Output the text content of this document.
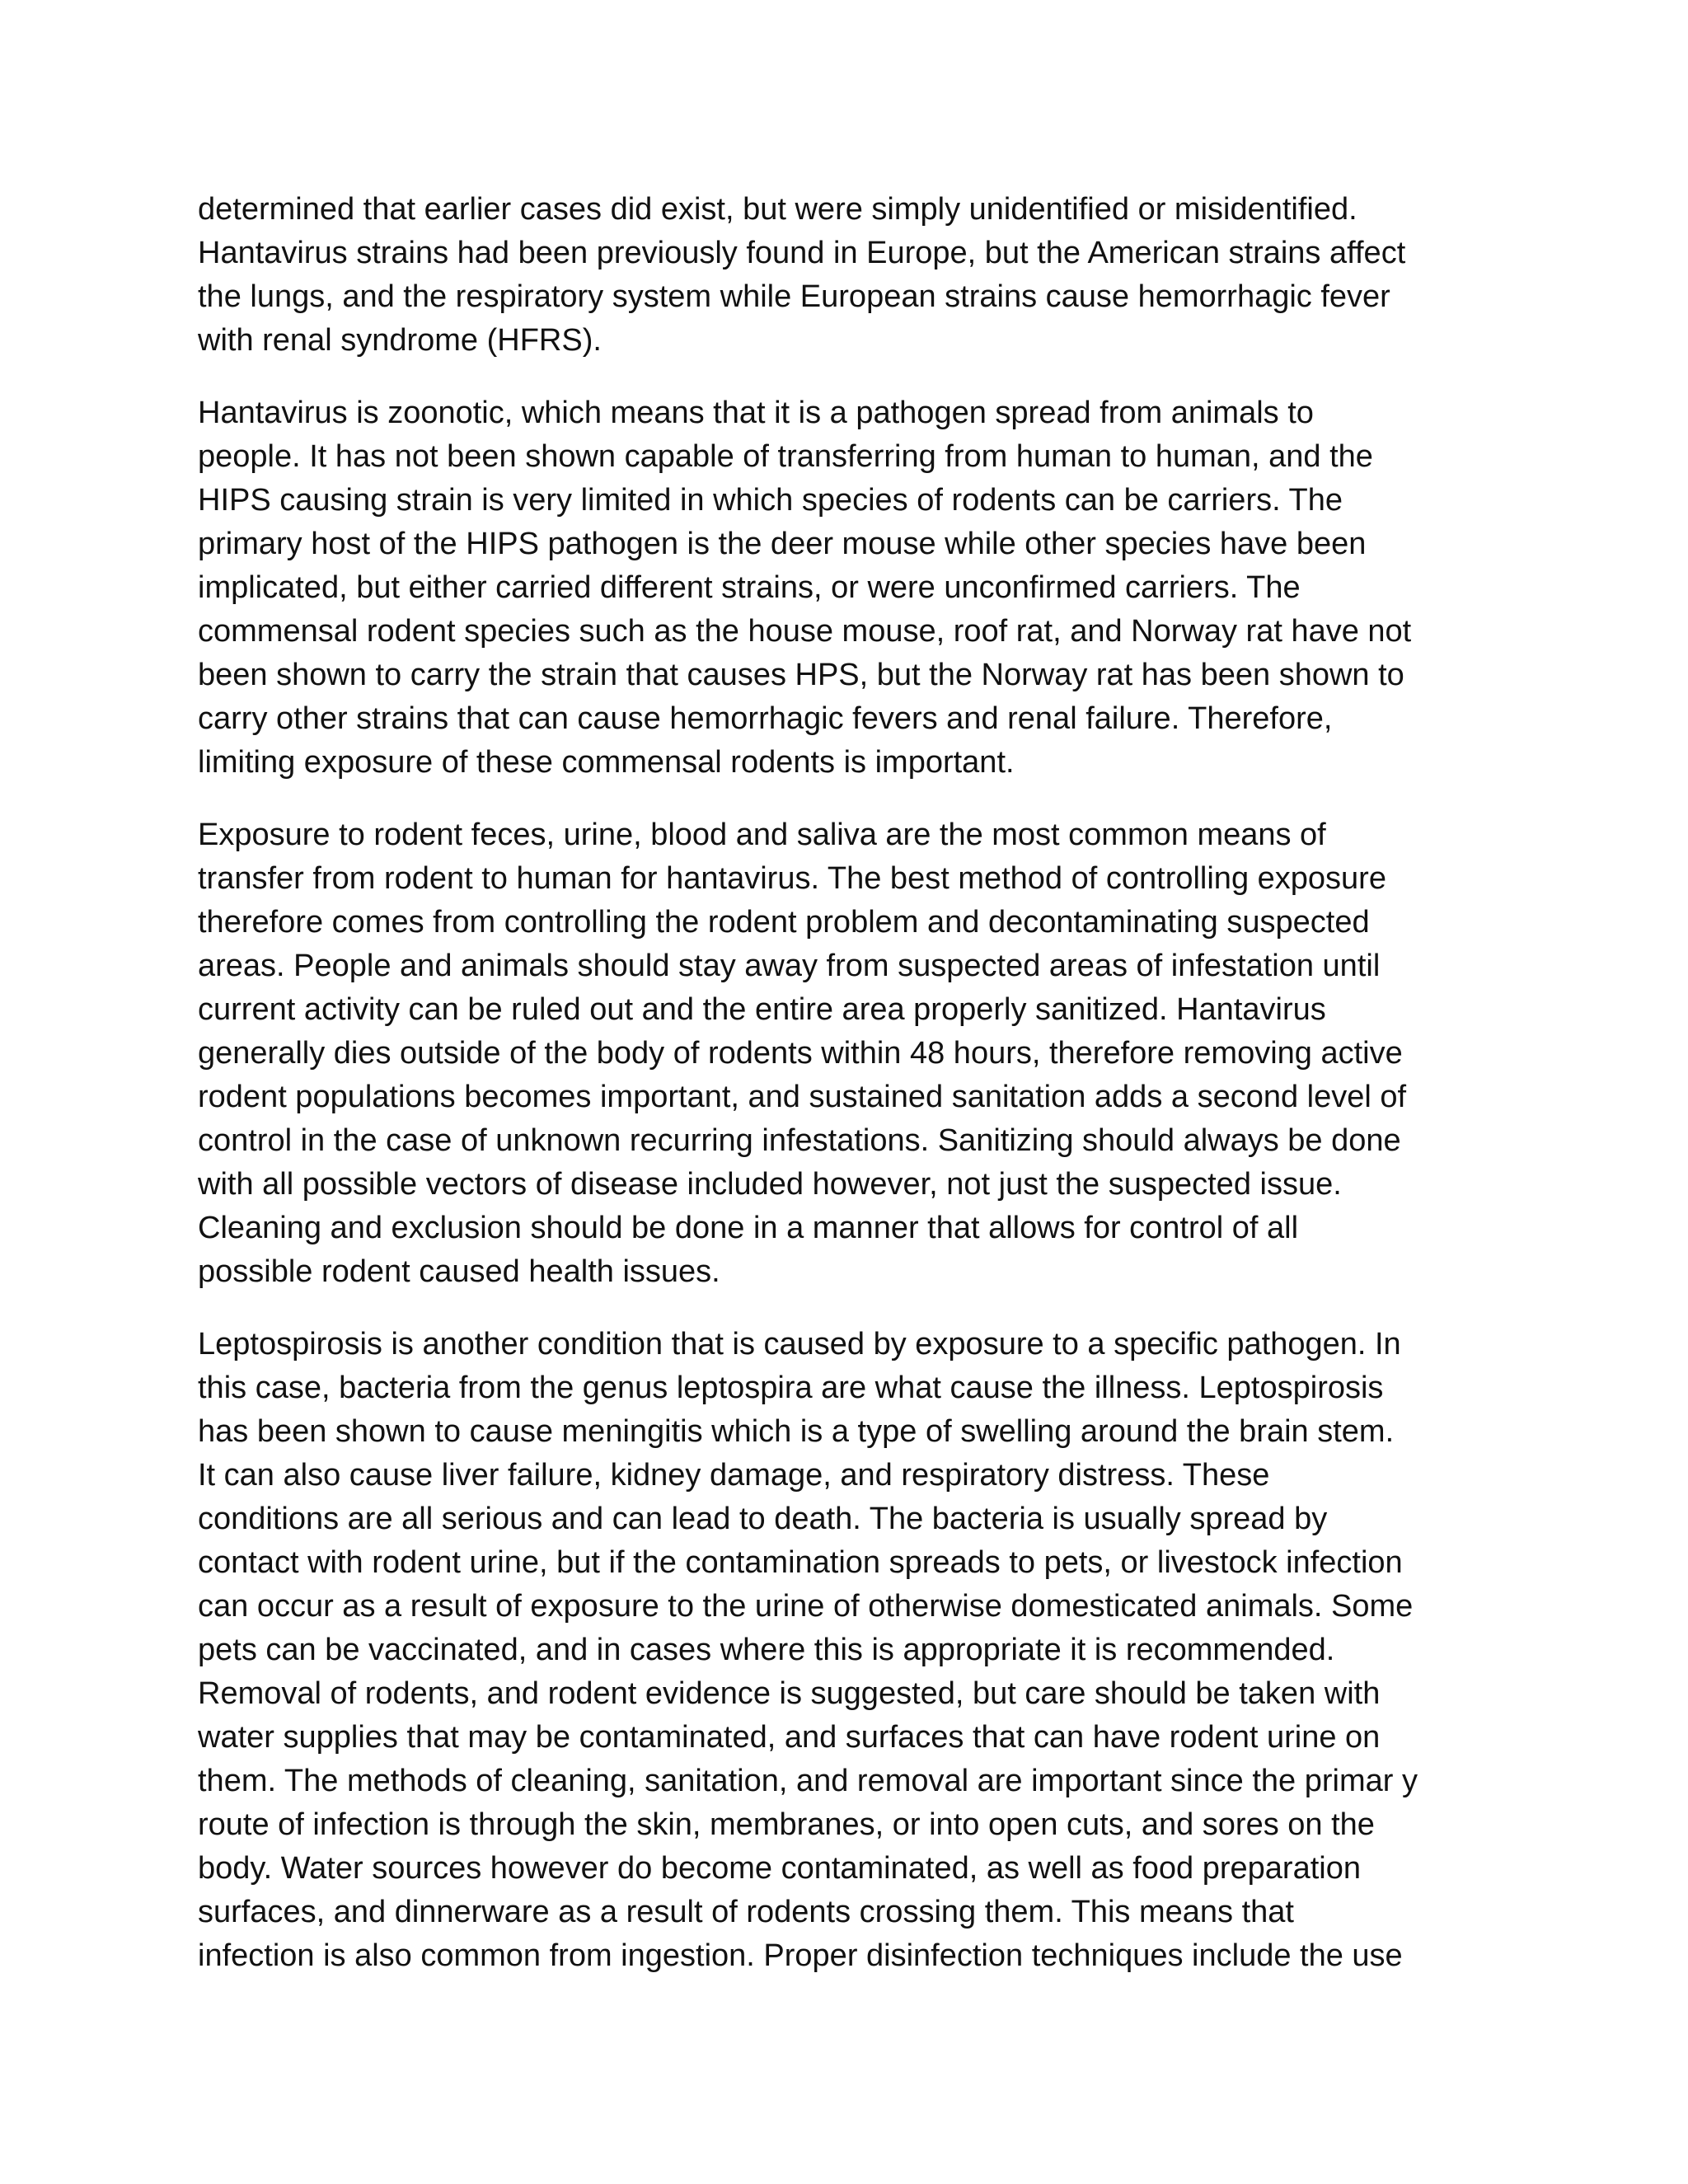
determined that earlier cases did exist, but were simply unidentified or misidentified.
Hantavirus strains had been previously found in Europe, but the American strains affect
the lungs, and the respiratory system while European strains cause hemorrhagic fever
with renal syndrome (HFRS).

Hantavirus is zoonotic, which means that it is a pathogen spread from animals to
people. It has not been shown capable of transferring from human to human, and the
HIPS causing strain is very limited in which species of rodents can be carriers. The
primary host of the HIPS pathogen is the deer mouse while other species have been
implicated, but either carried different strains, or were unconfirmed carriers. The
commensal rodent species such as the house mouse, roof rat, and Norway rat have not
been shown to carry the strain that causes HPS, but the Norway rat has been shown to
carry other strains that can cause hemorrhagic fevers and renal failure. Therefore,
limiting exposure of these commensal rodents is important.

Exposure to rodent feces, urine, blood and saliva are the most common means of
transfer from rodent to human for hantavirus. The best method of controlling exposure
therefore comes from controlling the rodent problem and decontaminating suspected
areas. People and animals should stay away from suspected areas of infestation until
current activity can be ruled out and the entire area properly sanitized. Hantavirus
generally dies outside of the body of rodents within 48 hours, therefore removing active
rodent populations becomes important, and sustained sanitation adds a second level of
control in the case of unknown recurring infestations. Sanitizing should always be done
with all possible vectors of disease included however, not just the suspected issue.
Cleaning and exclusion should be done in a manner that allows for control of all
possible rodent caused health issues.

Leptospirosis is another condition that is caused by exposure to a specific pathogen. In
this case, bacteria from the genus leptospira are what cause the illness. Leptospirosis
has been shown to cause meningitis which is a type of swelling around the brain stem.
It can also cause liver failure, kidney damage, and respiratory distress. These
conditions are all serious and can lead to death. The bacteria is usually spread by
contact with rodent urine, but if the contamination spreads to pets, or livestock infection
can occur as a result of exposure to the urine of otherwise domesticated animals. Some
pets can be vaccinated, and in cases where this is appropriate it is recommended.
Removal of rodents, and rodent evidence is suggested, but care should be taken with
water supplies that may be contaminated, and surfaces that can have rodent urine on
them. The methods of cleaning, sanitation, and removal are important since the primar y
route of infection is through the skin, membranes, or into open cuts, and sores on the
body. Water sources however do become contaminated, as well as food preparation
surfaces, and dinnerware as a result of rodents crossing them. This means that
infection is also common from ingestion. Proper disinfection techniques include the use
